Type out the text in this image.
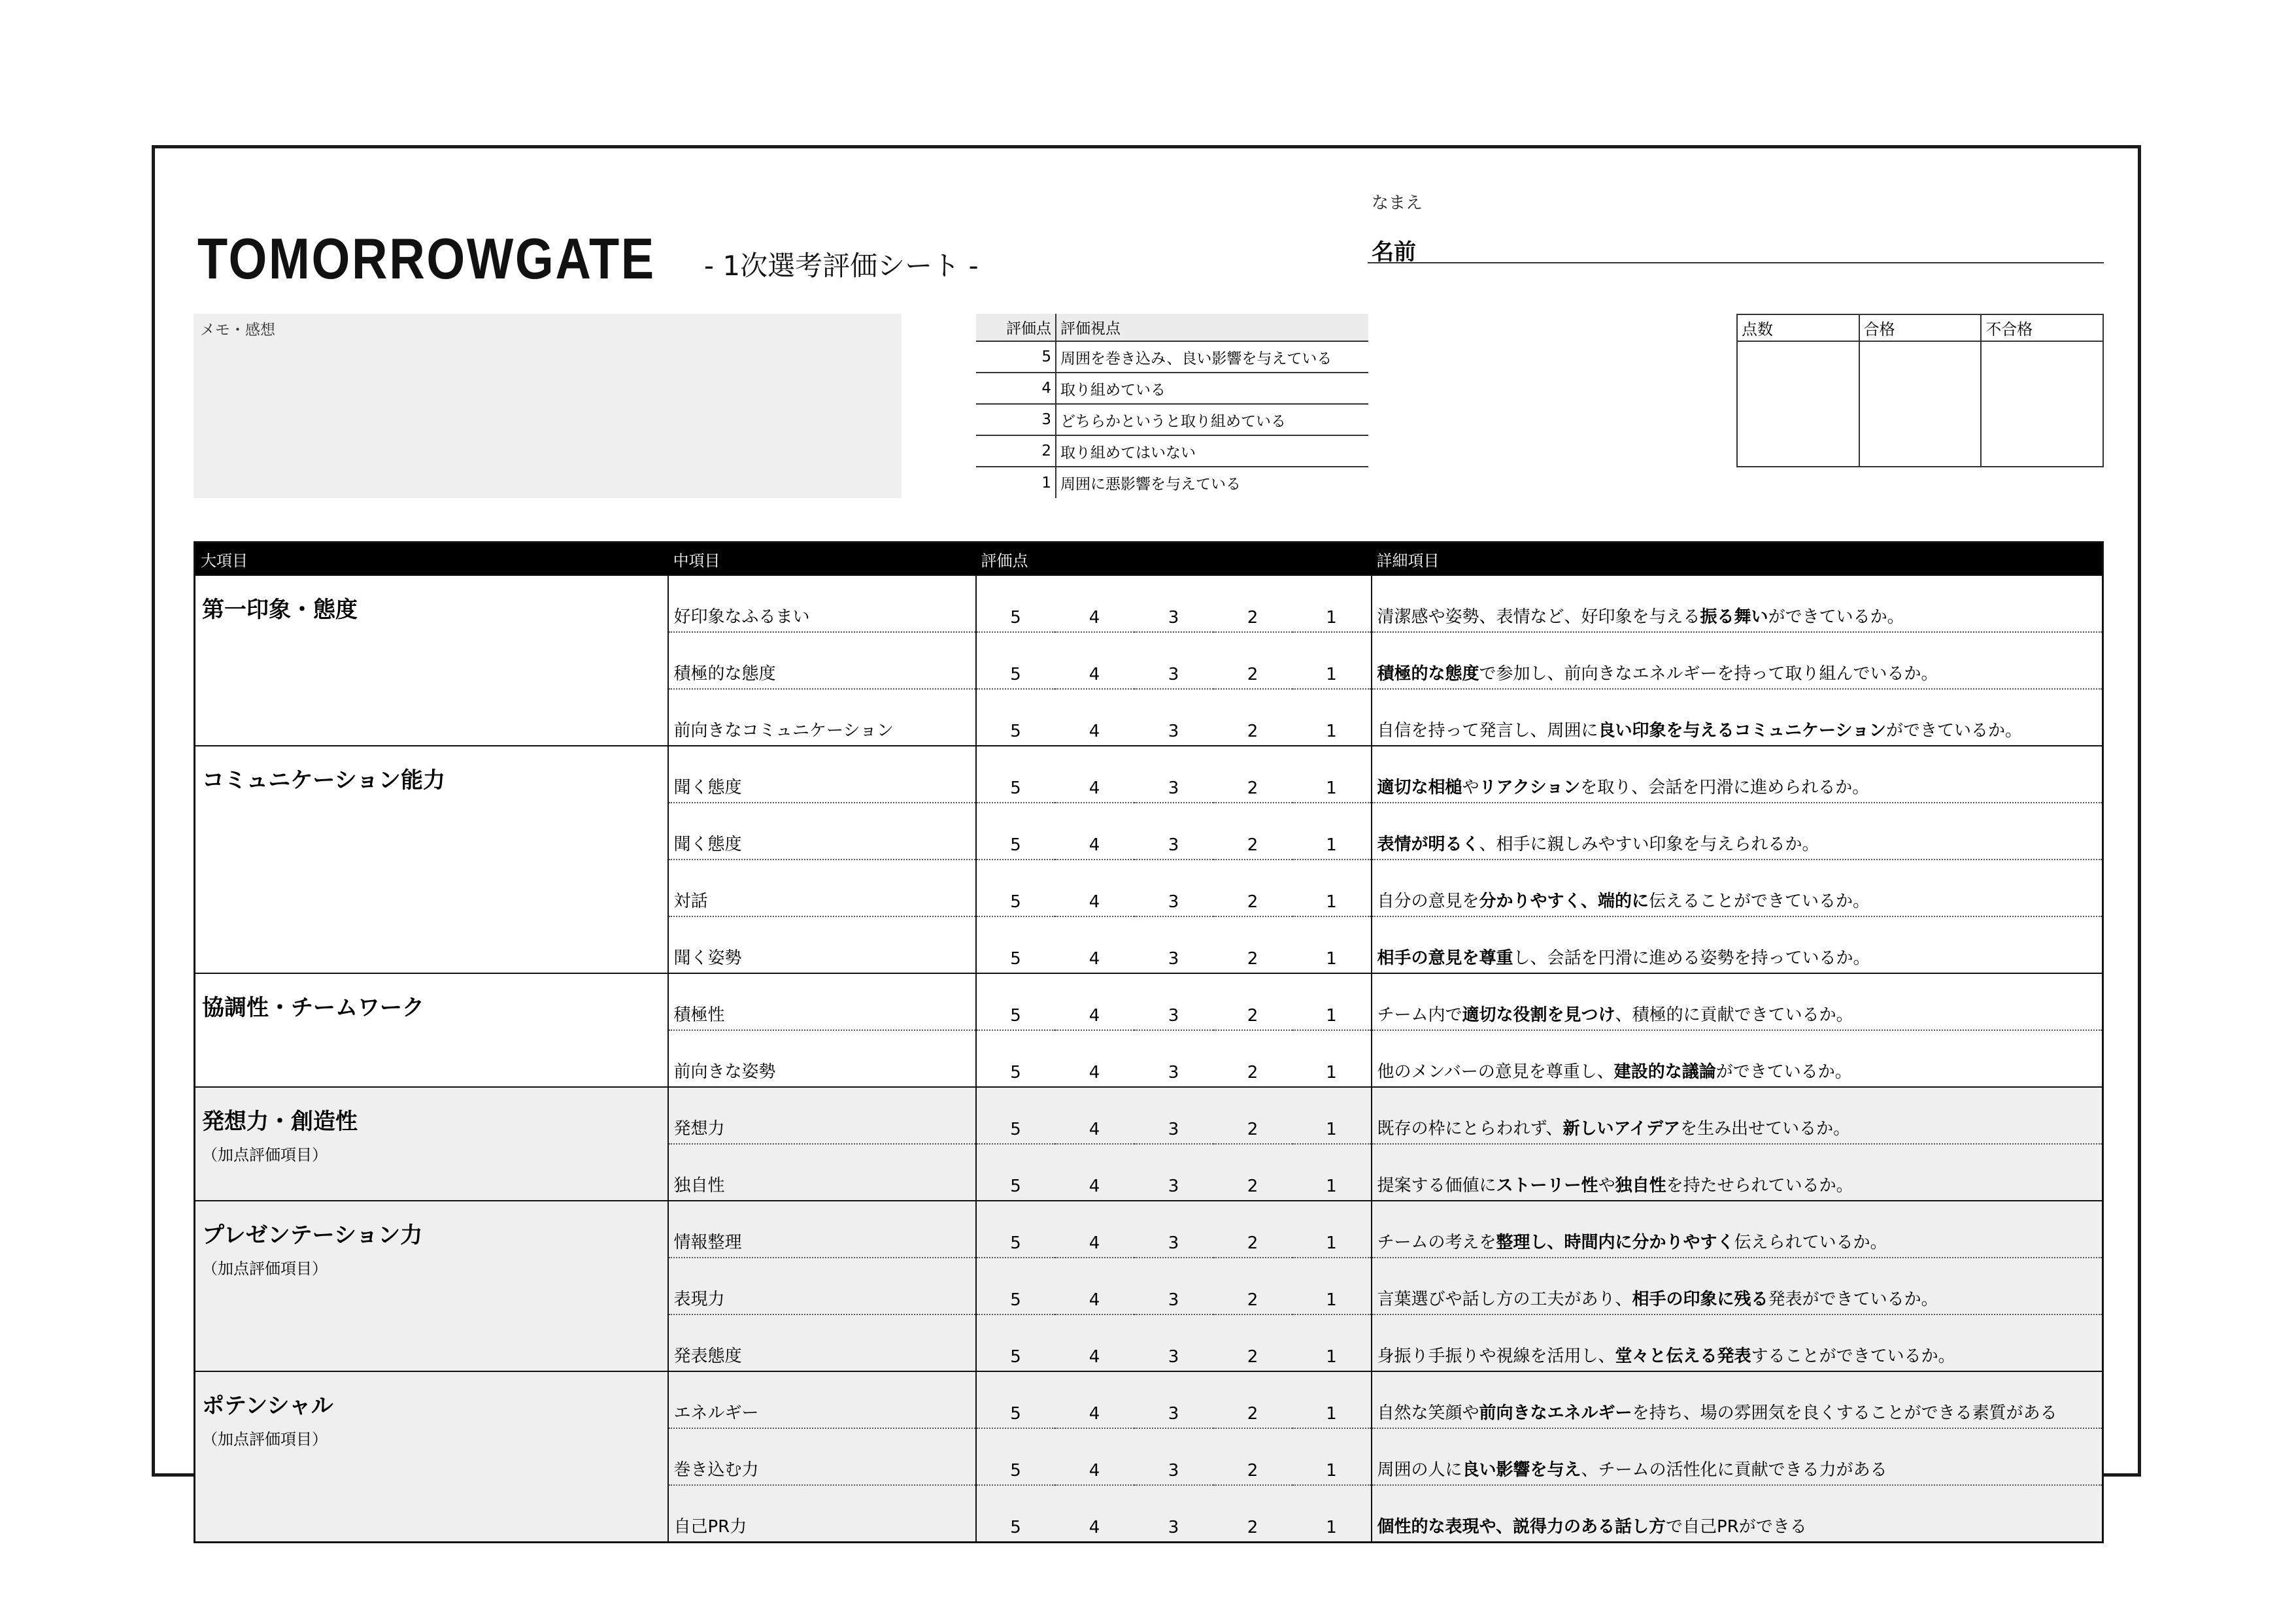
TOMORROWGATE - 1次選考評価シート -
なまえ
名前
メモ・感想	評価点	評価視点
5	周囲を巻き込み、良い影響を与えている
4	取り組めている
3	どちらかというと取り組めている
2	取り組めてはいない
1	周囲に悪影響を与えている
点数	合格	不合格

大項目	中項目	評価点					詳細項目

第一印象・態度	好印象なふるまい	5	4	3	2	1	清潔感や姿勢、表情など、好印象を与える振る舞いができているか。
	積極的な態度	5	4	3	2	1	積極的な態度で参加し、前向きなエネルギーを持って取り組んでいるか。
	前向きなコミュニケーション	5	4	3	2	1	自信を持って発言し、周囲に良い印象を与えるコミュニケーションができているか。

コミュニケーション能力	聞く態度	5	4	3	2	1	適切な相槌やリアクションを取り、会話を円滑に進められるか。
	聞く態度	5	4	3	2	1	表情が明るく、相手に親しみやすい印象を与えられるか。
	対話	5	4	3	2	1	自分の意見を分かりやすく、端的に伝えることができているか。
	聞く姿勢	5	4	3	2	1	相手の意見を尊重し、会話を円滑に進める姿勢を持っているか。

協調性・チームワーク	積極性	5	4	3	2	1	チーム内で適切な役割を見つけ、積極的に貢献できているか。
	前向きな姿勢	5	4	3	2	1	他のメンバーの意見を尊重し、建設的な議論ができているか。

発想力・創造性
（加点評価項目）	発想力	5	4	3	2	1	既存の枠にとらわれず、新しいアイデアを生み出せているか。
	独自性	5	4	3	2	1	提案する価値にストーリー性や独自性を持たせられているか。

プレゼンテーション力
（加点評価項目）	情報整理	5	4	3	2	1	チームの考えを整理し、時間内に分かりやすく伝えられているか。
	表現力	5	4	3	2	1	言葉選びや話し方の工夫があり、相手の印象に残る発表ができているか。
	発表態度	5	4	3	2	1	身振り手振りや視線を活用し、堂々と伝える発表することができているか。

ポテンシャル
（加点評価項目）	エネルギー	5	4	3	2	1	自然な笑顔や前向きなエネルギーを持ち、場の雰囲気を良くすることができる素質がある
	巻き込む力	5	4	3	2	1	周囲の人に良い影響を与え、チームの活性化に貢献できる力がある
	自己PR力	5	4	3	2	1	個性的な表現や、説得力のある話し方で自己PRができる
